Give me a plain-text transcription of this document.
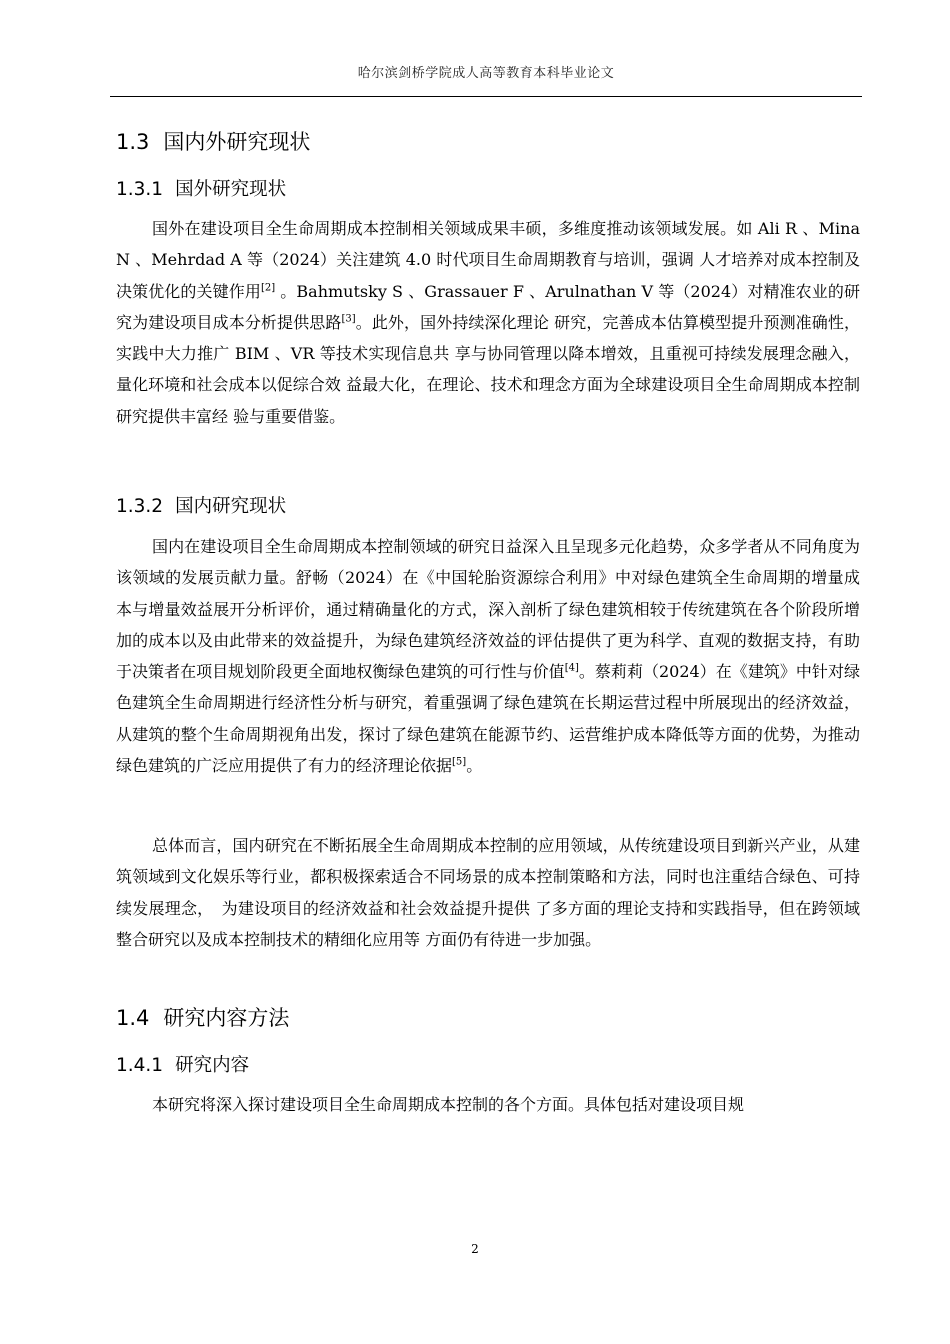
哈尔滨剑桥学院成人高等教育本科毕业论文
1.3 国内外研究现状
1.3.1 国外研究现状

国外在建设项目全生命周期成本控制相关领域成果丰硕，多维度推动该领域发展。如 Ali R 、Mina N 、Mehrdad A 等（2024）关注建筑 4.0 时代项目生命周期教育与培训，强调 人才培养对成本控制及决策优化的关键作用[2] 。Bahmutsky S 、Grassauer F 、Arulnathan V 等（2024）对精准农业的研究为建设项目成本分析提供思路[3]。此外，国外持续深化理论 研究，完善成本估算模型提升预测准确性，实践中大力推广 BIM 、VR 等技术实现信息共 享与协同管理以降本增效，且重视可持续发展理念融入，量化环境和社会成本以促综合效 益最大化，在理论、技术和理念方面为全球建设项目全生命周期成本控制研究提供丰富经 验与重要借鉴。

1.3.2 国内研究现状

国内在建设项目全生命周期成本控制领域的研究日益深入且呈现多元化趋势，众多学者从不同角度为该领域的发展贡献力量。舒畅（2024）在《中国轮胎资源综合利用》中对绿色建筑全生命周期的增量成本与增量效益展开分析评价，通过精确量化的方式，深入剖析了绿色建筑相较于传统建筑在各个阶段所增加的成本以及由此带来的效益提升，为绿色建筑经济效益的评估提供了更为科学、直观的数据支持，有助于决策者在项目规划阶段更全面地权衡绿色建筑的可行性与价值[4]。蔡莉莉（2024）在《建筑》中针对绿色建筑全生命周期进行经济性分析与研究，着重强调了绿色建筑在长期运营过程中所展现出的经济效益，从建筑的整个生命周期视角出发，探讨了绿色建筑在能源节约、运营维护成本降低等方面的优势，为推动绿色建筑的广泛应用提供了有力的经济理论依据[5]。

总体而言，国内研究在不断拓展全生命周期成本控制的应用领域，从传统建设项目到新兴产业，从建筑领域到文化娱乐等行业，都积极探索适合不同场景的成本控制策略和方法，同时也注重结合绿色、可持续发展理念，　为建设项目的经济效益和社会效益提升提供 了多方面的理论支持和实践指导，但在跨领域整合研究以及成本控制技术的精细化应用等 方面仍有待进一步加强。

1.4 研究内容方法
1.4.1 研究内容

本研究将深入探讨建设项目全生命周期成本控制的各个方面。具体包括对建设项目规

2
